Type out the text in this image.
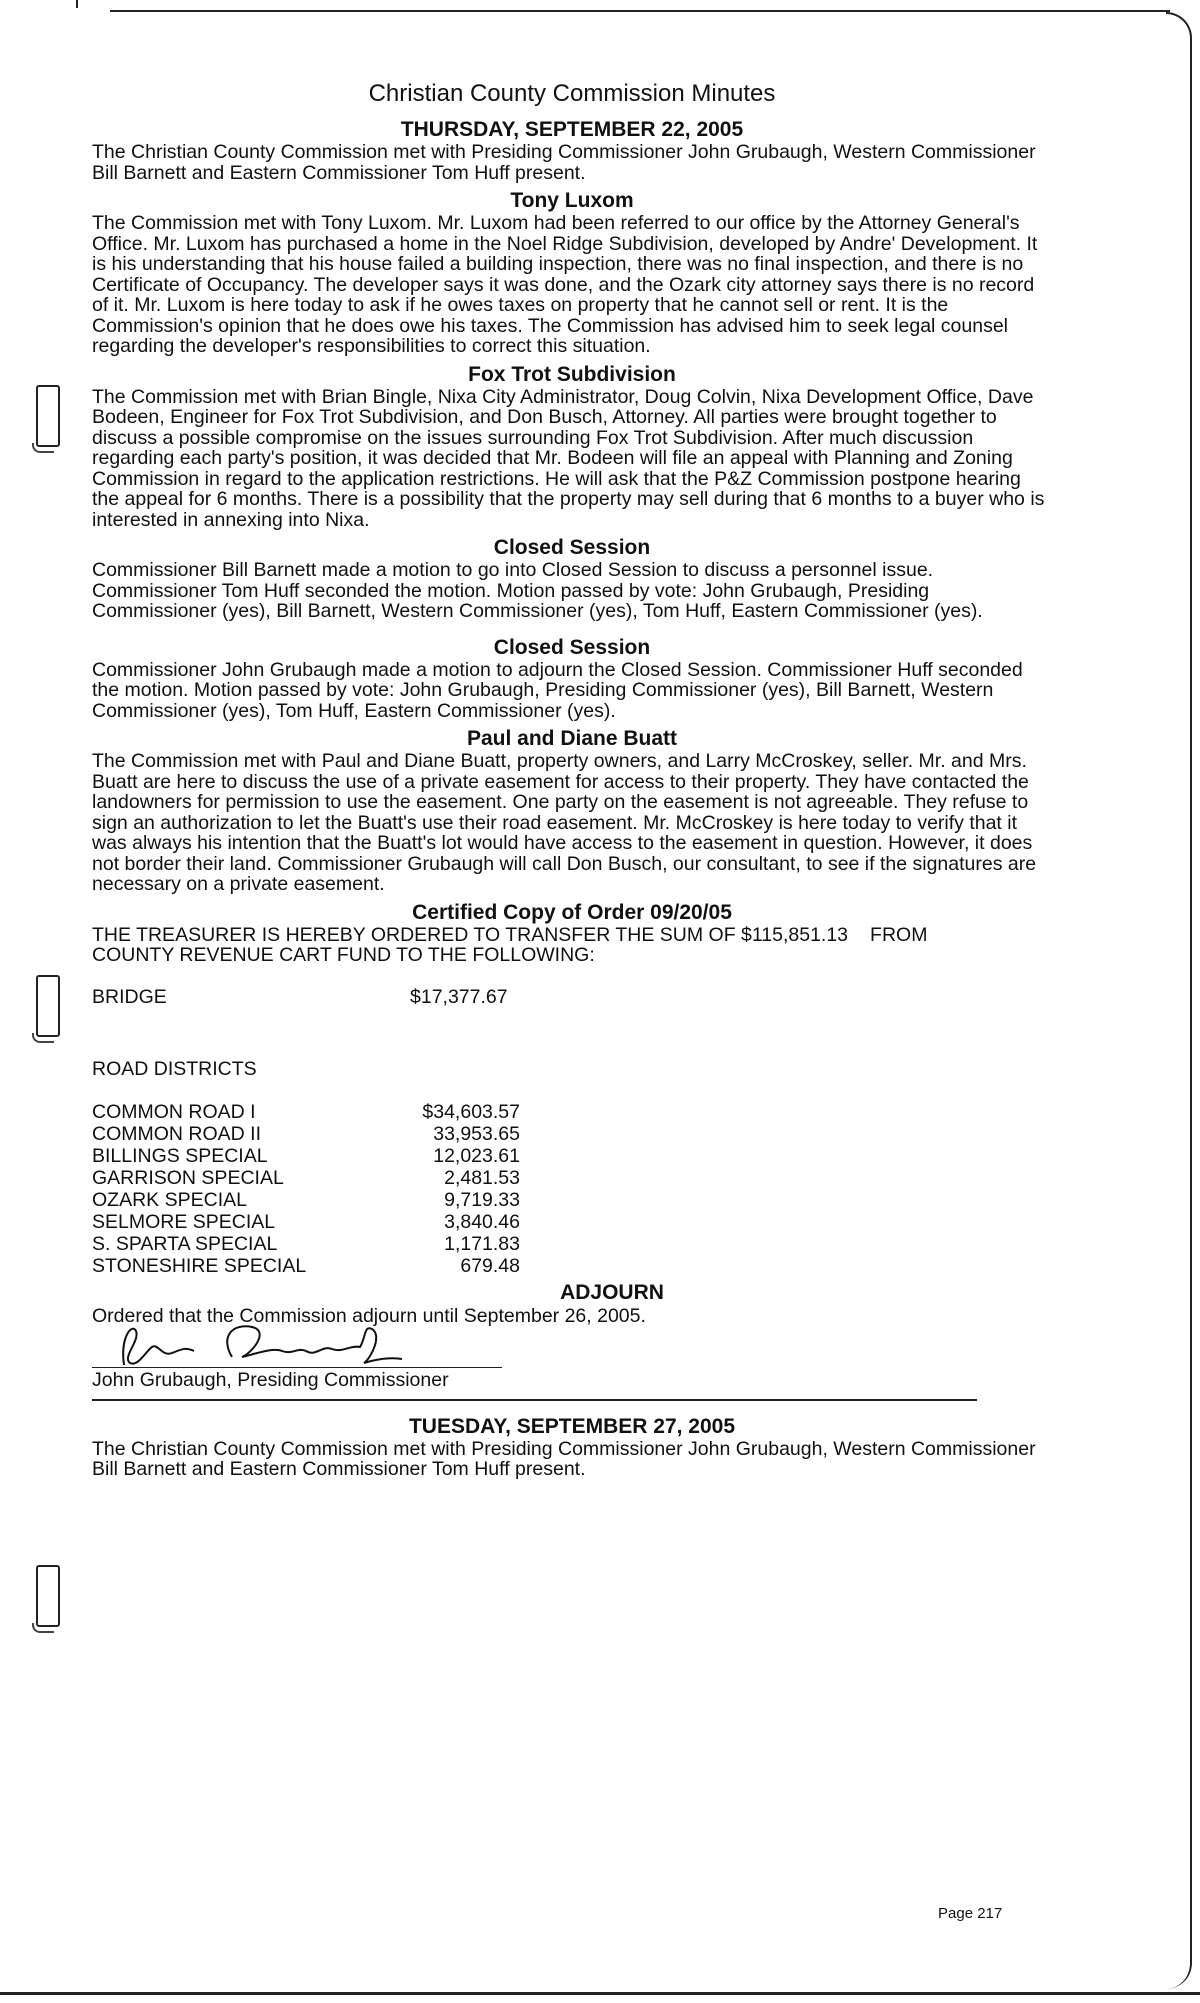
Christian County Commission Minutes
THURSDAY, SEPTEMBER 22, 2005

The Christian County Commission met with Presiding Commissioner John Grubaugh, Western Commissioner Bill Barnett and Eastern Commissioner Tom Huff present.

Tony Luxom

The Commission met with Tony Luxom. Mr. Luxom had been referred to our office by the Attorney General's Office. Mr. Luxom has purchased a home in the Noel Ridge Subdivision, developed by Andre' Development. It is his understanding that his house failed a building inspection, there was no final inspection, and there is no Certificate of Occupancy. The developer says it was done, and the Ozark city attorney says there is no record of it. Mr. Luxom is here today to ask if he owes taxes on property that he cannot sell or rent. It is the Commission's opinion that he does owe his taxes. The Commission has advised him to seek legal counsel regarding the developer's responsibilities to correct this situation.

Fox Trot Subdivision

The Commission met with Brian Bingle, Nixa City Administrator, Doug Colvin, Nixa Development Office, Dave Bodeen, Engineer for Fox Trot Subdivision, and Don Busch, Attorney. All parties were brought together to discuss a possible compromise on the issues surrounding Fox Trot Subdivision. After much discussion regarding each party's position, it was decided that Mr. Bodeen will file an appeal with Planning and Zoning Commission in regard to the application restrictions. He will ask that the P&Z Commission postpone hearing the appeal for 6 months. There is a possibility that the property may sell during that 6 months to a buyer who is interested in annexing into Nixa.

Closed Session

Commissioner Bill Barnett made a motion to go into Closed Session to discuss a personnel issue. Commissioner Tom Huff seconded the motion. Motion passed by vote: John Grubaugh, Presiding Commissioner (yes), Bill Barnett, Western Commissioner (yes), Tom Huff, Eastern Commissioner (yes).

Closed Session

Commissioner John Grubaugh made a motion to adjourn the Closed Session. Commissioner Huff seconded the motion. Motion passed by vote: John Grubaugh, Presiding Commissioner (yes), Bill Barnett, Western Commissioner (yes), Tom Huff, Eastern Commissioner (yes).

Paul and Diane Buatt

The Commission met with Paul and Diane Buatt, property owners, and Larry McCroskey, seller. Mr. and Mrs. Buatt are here to discuss the use of a private easement for access to their property. They have contacted the landowners for permission to use the easement. One party on the easement is not agreeable. They refuse to sign an authorization to let the Buatt's use their road easement. Mr. McCroskey is here today to verify that it was always his intention that the Buatt's lot would have access to the easement in question. However, it does not border their land. Commissioner Grubaugh will call Don Busch, our consultant, to see if the signatures are necessary on a private easement.

Certified Copy of Order 09/20/05

THE TREASURER IS HEREBY ORDERED TO TRANSFER THE SUM OF $115,851.13 FROM

COUNTY REVENUE CART FUND TO THE FOLLOWING:

BRIDGE	$17,377.67
ROAD DISTRICTS
COMMON ROAD I	$34,603.57
COMMON ROAD II	33,953.65
BILLINGS SPECIAL	12,023.61
GARRISON SPECIAL	2,481.53
OZARK SPECIAL	9,719.33
SELMORE SPECIAL	3,840.46
S. SPARTA SPECIAL	1,171.83
STONESHIRE SPECIAL	679.48
ADJOURN

Ordered that the Commission adjourn until September 26, 2005.

John Grubaugh, Presiding Commissioner
TUESDAY, SEPTEMBER 27, 2005

The Christian County Commission met with Presiding Commissioner John Grubaugh, Western Commissioner Bill Barnett and Eastern Commissioner Tom Huff present.

Page 217
